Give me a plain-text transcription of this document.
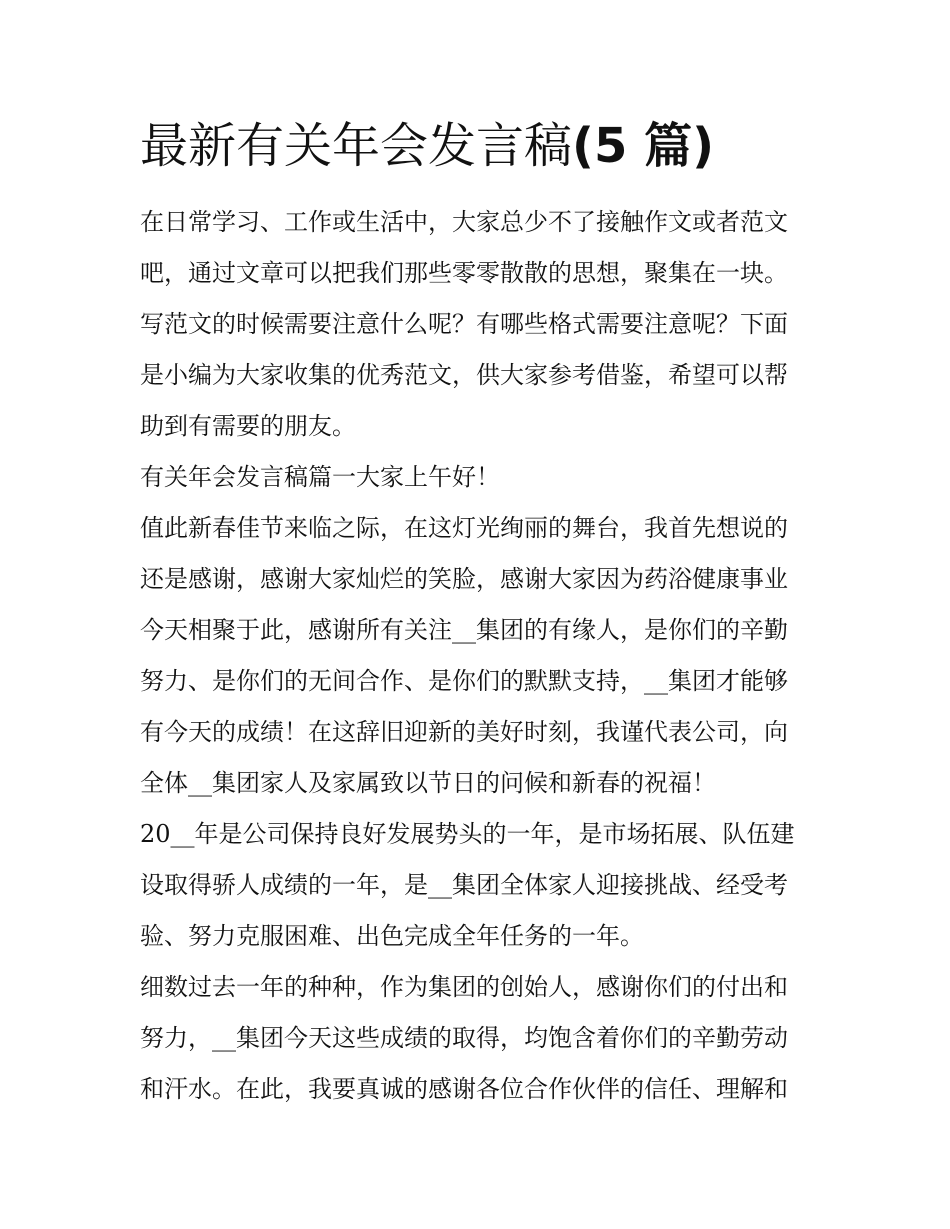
最新有关年会发言稿(5 篇)
在日常学习、工作或生活中，大家总少不了接触作文或者范文
吧，通过文章可以把我们那些零零散散的思想，聚集在一块。
写范文的时候需要注意什么呢？有哪些格式需要注意呢？下面
是小编为大家收集的优秀范文，供大家参考借鉴，希望可以帮
助到有需要的朋友。
有关年会发言稿篇一大家上午好！
值此新春佳节来临之际，在这灯光绚丽的舞台，我首先想说的
还是感谢，感谢大家灿烂的笑脸，感谢大家因为药浴健康事业
今天相聚于此，感谢所有关注__集团的有缘人，是你们的辛勤
努力、是你们的无间合作、是你们的默默支持，__集团才能够
有今天的成绩！在这辞旧迎新的美好时刻，我谨代表公司，向
全体__集团家人及家属致以节日的问候和新春的祝福！
20__年是公司保持良好发展势头的一年，是市场拓展、队伍建
设取得骄人成绩的一年，是__集团全体家人迎接挑战、经受考
验、努力克服困难、出色完成全年任务的一年。
细数过去一年的种种，作为集团的创始人，感谢你们的付出和
努力，__集团今天这些成绩的取得，均饱含着你们的辛勤劳动
和汗水。在此，我要真诚的感谢各位合作伙伴的信任、理解和
